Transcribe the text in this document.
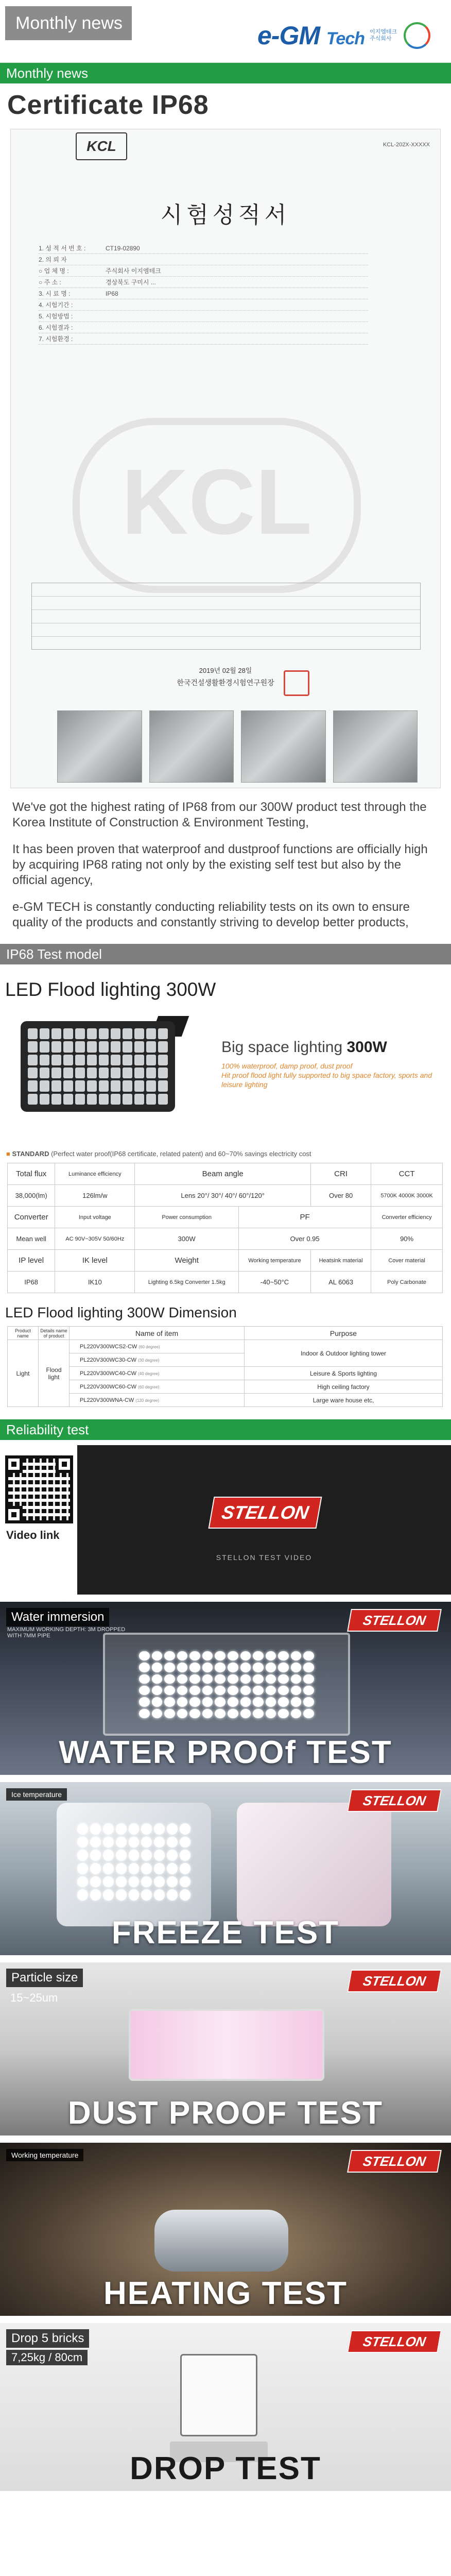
Monthly news	e-GM Tech 이지엠테크 주식회사
Monthly news
Certificate IP68
KCL	KCL-202X-XXXXX
시험성적서
1. 성 적 서 번 호 :	CT19-02890
2. 의 뢰 자
○ 업 체 명 :	주식회사 이지엠테크
○ 주 소 :	경상북도 구미시 ...
3. 시 료 명 :	IP68
4. 시험기간 :
5. 시험방법 :
6. 시험결과 :
7. 시험환경 :
KCL
2019년 02월 28일
한국건설생활환경시험연구원장

We've got the highest rating of IP68 from our 300W product test through the Korea Institute of Construction & Environment Testing,

It has been proven that waterproof and dustproof functions are officially high by acquiring IP68 rating not only by the existing self test but also by the official agency,

e-GM TECH is constantly conducting reliability tests on its own to ensure quality of the products and constantly striving to develop better products,

IP68 Test model
LED Flood lighting 300W
Big space lighting 300W
100% waterproof, damp proof, dust proof
Hit proof flood light fully supported to big space factory, sports and leisure lighting
■ STANDARD (Perfect water proof(IP68 certificate, related patent) and 60~70% savings electricity cost
Total flux	Luminance efficiency	Beam angle		CRI	CCT
38,000(lm)	126lm/w	Lens 20°/ 30°/ 40°/ 60°/120°		Over 80	5700K 4000K 3000K
Converter	Input voltage	Power consumption	PF		Converter efficiency
Mean well	AC 90V~305V 50/60Hz	300W	Over 0.95		90%
IP level	IK level	Weight	Working temperature	Heatsink material	Cover material
IP68	IK10	Lighting 6.5kg Converter 1.5kg	-40~50°C	AL 6063	Poly Carbonate
LED Flood lighting 300W Dimension
Product name	Details name of product	Name of item	Purpose
Light	Flood light	PL220V300WCS2-CW (60 degree)	Indoor & Outdoor lighting tower
		PL220V300WC30-CW (30 degree)	
		PL220V300WC40-CW (40 degree)	Leisure & Sports lighting
		PL220V300WC60-CW (60 degree)	High ceiling factory
		PL220V300WNA-CW (120 degree)	Large ware house etc,
Reliability test
Video link
STELLON
STELLON TEST VIDEO
Water immersion
MAXIMUM WORKING DEPTH: 3M DROPPED WITH 7MM PIPE
STELLON
WATER PROOf TEST
Ice temperature	STELLON
FREEZE TEST
Particle size
15~25um
STELLON
DUST PROOF TEST
Working temperature	STELLON
HEATING TEST
Drop 5 bricks
7,25kg / 80cm
STELLON
DROP TEST
